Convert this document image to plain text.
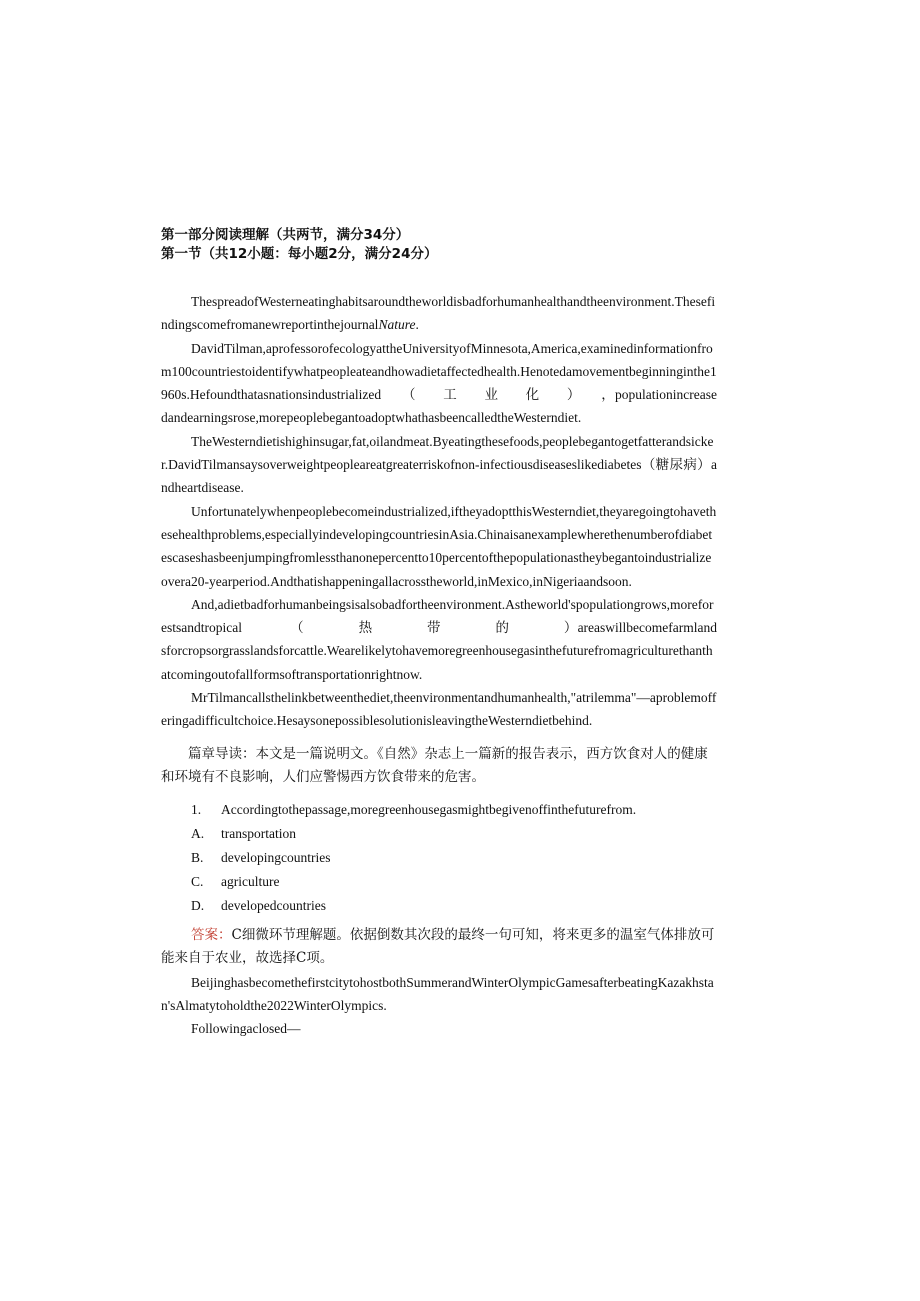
第一部分阅读理解（共两节，满分34分）

第一节（共12小题：每小题2分，满分24分）

ThespreadofWesterneatinghabitsaroundtheworldisbadforhumanhealthandtheenvironment.ThesefindingscomefromanewreportinthejournalNature.

DavidTilman,aprofessorofecologyattheUniversityofMinnesota,America,examinedinformationfrom100countriestoidentifywhatpeopleateandhowadietaffectedhealth.Henotedamovementbeginninginthe1960s.Hefoundthatasnationsindustrialized　　（　　工　　业　　化　　）　　，populationincreasedandearningsrose,morepeoplebegantoadoptwhathasbeencalledtheWesterndiet.

TheWesterndietishighinsugar,fat,oilandmeat.Byeatingthesefoods,peoplebegantogetfatterandsicker.DavidTilmansaysoverweightpeopleareatgreaterriskofnon-infectiousdiseaseslikediabetes（糖尿病）andheartdisease.

Unfortunatelywhenpeoplebecomeindustrialized,iftheyadoptthisWesterndiet,theyaregoingtohavethesehealthproblems,especiallyindevelopingcountriesinAsia.Chinaisanexamplewherethenumberofdiabetescaseshasbeenjumpingfromlessthanonepercentto10percentofthepopulationastheybegantoindustrializeovera20-yearperiod.Andthatishappeningallacrosstheworld,inMexico,inNigeriaandsoon.

And,adietbadforhumanbeingsisalsobadfortheenvironment.Astheworld'spopulationgrows,moreforestsandtropical　　　　（　　　　热　　　　带　　　　的　　　　）areaswillbecomefarmlandsforcropsorgrasslandsforcattle.Wearelikelytohavemoregreenhousegasinthefuturefromagriculturethanthatcomingoutofallformsoftransportationrightnow.

MrTilmancallsthelinkbetweenthediet,theenvironmentandhumanhealth,"atrilemma"—aproblemofferingadifficultchoice.HesaysonepossiblesolutionisleavingtheWesterndietbehind.

篇章导读：本文是一篇说明文。《自然》杂志上一篇新的报告表示，西方饮食对人的健康和环境有不良影响，人们应警惕西方饮食带来的危害。

1. Accordingtothepassage,moregreenhousegasmightbegivenoffinthefuturefrom.

A. transportation

B. developingcountries

C. agriculture

D. developedcountries

答案：C细微环节理解题。依据倒数其次段的最终一句可知，将来更多的温室气体排放可能来自于农业，故选择C项。

BeijinghasbecomethefirstcitytohostbothSummerandWinterOlympicGamesafterbeatingKazakhstan'sAlmatytoholdthe2022WinterOlympics.

Followingaclosed—
